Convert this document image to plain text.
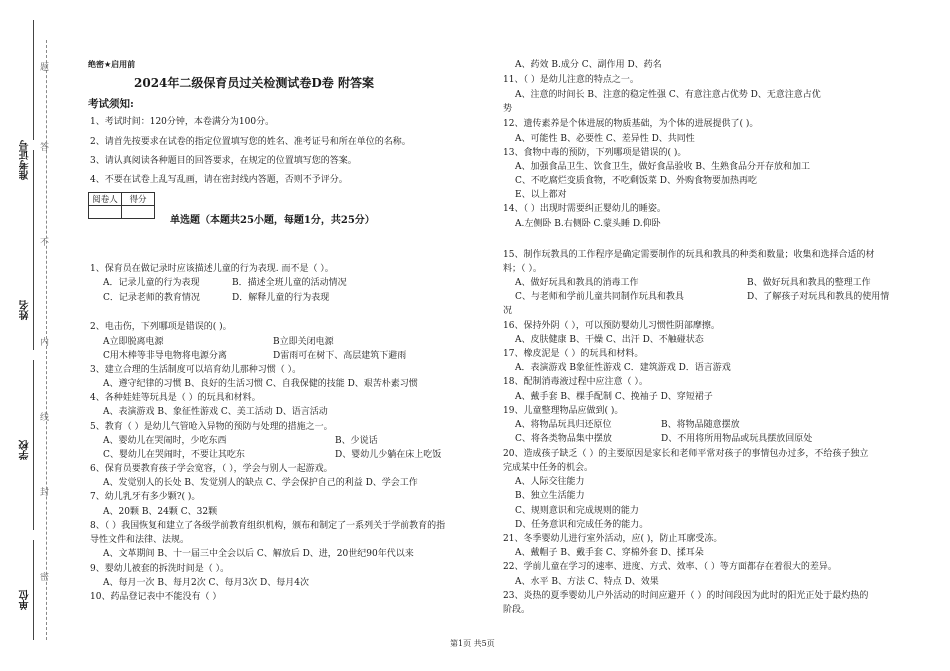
准考证号
姓名
学校
单位
题
答
不
内
线
封
密
绝密★启用前
2024年二级保育员过关检测试卷D卷 附答案
考试须知:
1、考试时间：120分钟，本卷满分为100分。
2、请首先按要求在试卷的指定位置填写您的姓名、准考证号和所在单位的名称。
3、请认真阅读各种题目的回答要求，在规定的位置填写您的答案。
4、不要在试卷上乱写乱画，请在密封线内答题，否则不予评分。
阅卷人	得分

单选题（本题共25小题，每题1分，共25分）
1、保育员在做记录时应该描述儿童的行为表现. 而不是（ ）。
A．记录儿童的行为表现	B．描述全班儿童的活动情况
C．记录老师的教育情况	D．解释儿童的行为表现
2、电击伤，下列哪项是错误的( )。
A立即脱离电源	B立即关闭电源
C用木棒等非导电物将电源分离	D雷雨可在树下、高层建筑下避雨
3、建立合理的生活制度可以培育幼儿那种习惯（ ）。
A、遵守纪律的习惯 B、良好的生活习惯 C、自我保健的技能 D、艰苦朴素习惯
4、各种娃娃等玩具是（ ）的玩具和材料。
A、表演游戏 B、象征性游戏 C、美工活动 D、语言活动
5、教育（ ）是幼儿气管呛入异物的预防与处理的措施之一。
A、婴幼儿在哭闹时，少吃东西	B、少说话
C、婴幼儿在哭闹时，不要让其吃东	D、婴幼儿少躺在床上吃饭
6、保育员要教育孩子学会宽容，（ ），学会与别人一起游戏。
A、发觉别人的长处 B、发觉别人的缺点 C、学会保护自己的利益 D、学会工作
7、幼儿乳牙有多少颗?( )。
A、20颗 B、24颗 C、32颗
8、（ ）我国恢复和建立了各级学前教育组织机构，颁布和制定了一系列关于学前教育的指
导性文件和法律、法规。
A、文革期间 B、十一届三中全会以后 C、解放后 D、进，20世纪90年代以来
9、婴幼儿被套的拆洗时间是（ ）。
A、每月一次 B、每月2次 C、每月3次 D、每月4次
10、药品登记表中不能没有（ ）
A、药效 B.成分 C、副作用 D、药名
11、（ ）是幼儿注意的特点之一。
A、注意的时间长 B、注意的稳定性强 C、有意注意占优势 D、无意注意占优
势
12、遗传素养是个体进展的物质基础，为个体的进展提供了( )。
A、可能性 B、必要性 C、差异性 D、共同性
13、食物中毒的预防，下列哪项是错误的( )。
A、加强食品卫生、饮食卫生，做好食品验收 B、生熟食品分开存放和加工
C、不吃腐烂变质食物，不吃剩饭菜 D、外购食物要加热再吃
E、以上都对
14、（ ）出现时需要纠正婴幼儿的睡姿。
A.左侧卧 B.右侧卧 C.蒙头睡 D.仰卧
15、制作玩教具的工作程序是确定需要制作的玩具和教具的种类和数量；收集和选择合适的材
料；（ ）。
A、做好玩具和教具的消毒工作	B、做好玩具和教具的整理工作
C、与老师和学前儿童共同制作玩具和教具	D、了解孩子对玩具和教具的使用情
况
16、保持外阴（ ），可以预防婴幼儿习惯性阴部摩擦。
A、皮肤健康 B、干燥 C、出汗 D、不触碰状态
17、橡皮泥是（ ）的玩具和材料。
A．表演游戏 B象征性游戏 C．建筑游戏 D．语言游戏
18、配制消毒液过程中应注意（ ）。
A、戴手套 B、棵手配制 C、挽袖子 D、穿短裙子
19、儿童整理物品应做到( )。
A、将物品玩具归还原位	B、将物品随意摆放
C、将各类物品集中摆放	D、不用将所用物品或玩具摆放回原处
20、造成孩子缺乏（ ）的主要原因是家长和老师平常对孩子的事情包办过多，不给孩子独立
完成某中任务的机会。
A、人际交往能力
B、独立生活能力
C、规则意识和完成规则的能力
D、任务意识和完成任务的能力。
21、冬季婴幼儿进行室外活动，应( )，防止耳廓受冻。
A、戴帽子 B、戴手套 C、穿棉外套 D、揉耳朵
22、学前儿童在学习的速率、进度、方式、效率、（ ）等方面都存在着很大的差异。
A、水平 B、方法 C、特点 D、效果
23、炎热的夏季婴幼儿户外活动的时间应避开（ ）的时间段因为此时的阳光正处于最灼热的
阶段。
第1页 共5页
